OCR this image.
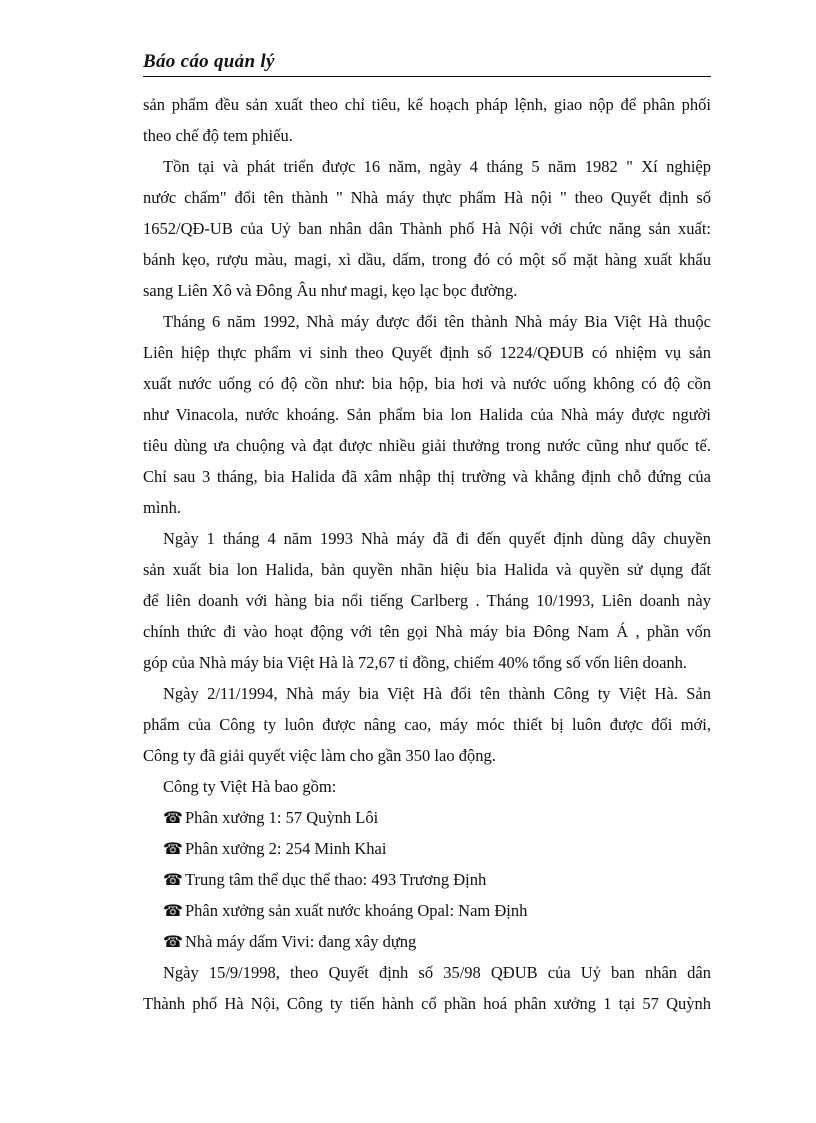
Báo cáo quản lý
sản phẩm đều sản xuất theo chỉ tiêu, kế hoạch pháp lệnh, giao nộp để phân phối
theo chế độ tem phiếu.
Tồn tại và phát triển được 16 năm, ngày 4 tháng 5 năm 1982 " Xí nghiệp
nước chấm" đổi tên thành " Nhà máy thực phẩm Hà nội " theo Quyết định số
1652/QĐ-UB của Uỷ ban nhân dân Thành phố Hà Nội với chức năng sản xuất:
bánh kẹo, rượu màu, magi, xì dầu, dấm, trong đó có một số mặt hàng xuất khẩu
sang Liên Xô và Đông Âu như magi, kẹo lạc bọc đường.
Tháng 6 năm 1992, Nhà máy được đổi tên thành Nhà máy Bia Việt Hà thuộc
Liên hiệp thực phẩm vi sinh theo Quyết định số 1224/QĐUB có nhiệm vụ sản
xuất nước uống có độ cồn như: bia hộp, bia hơi và nước uống không có độ cồn
như Vinacola, nước khoáng. Sản phẩm bia lon Halida của Nhà máy được người
tiêu dùng ưa chuộng và đạt được nhiều giải thưởng trong nước cũng như quốc tế.
Chỉ sau 3 tháng, bia Halida đã xâm nhập thị trường và khẳng định chỗ đứng của
mình.
Ngày 1 tháng 4 năm 1993 Nhà máy đã đi đến quyết định dùng dây chuyền
sản xuất bia lon Halida, bản quyền nhãn hiệu bia Halida và quyền sử dụng đất
để liên doanh với hàng bia nổi tiếng Carlberg . Tháng 10/1993, Liên doanh này
chính thức đi vào hoạt động với tên gọi Nhà máy bia Đông Nam Á , phần vốn
góp của Nhà máy bia Việt Hà là 72,67 tỉ đồng, chiếm 40% tổng số vốn liên doanh.
Ngày 2/11/1994, Nhà máy bia Việt Hà đổi tên thành Công ty Việt Hà. Sản
phẩm của Công ty luôn được nâng cao, máy móc thiết bị luôn được đổi mới,
Công ty đã giải quyết việc làm cho gần 350 lao động.
Công ty Việt Hà bao gồm:
☎ Phân xưởng 1: 57 Quỳnh Lôi
☎ Phân xưởng 2: 254 Minh Khai
☎ Trung tâm thể dục thể thao: 493 Trương Định
☎ Phân xưởng sản xuất nước khoáng Opal: Nam Định
☎ Nhà máy dấm Vivi: đang xây dựng
Ngày 15/9/1998, theo Quyết định số 35/98 QĐUB của Uỷ ban nhân dân
Thành phố Hà Nội, Công ty tiến hành cổ phần hoá phân xưởng 1 tại 57 Quỳnh
